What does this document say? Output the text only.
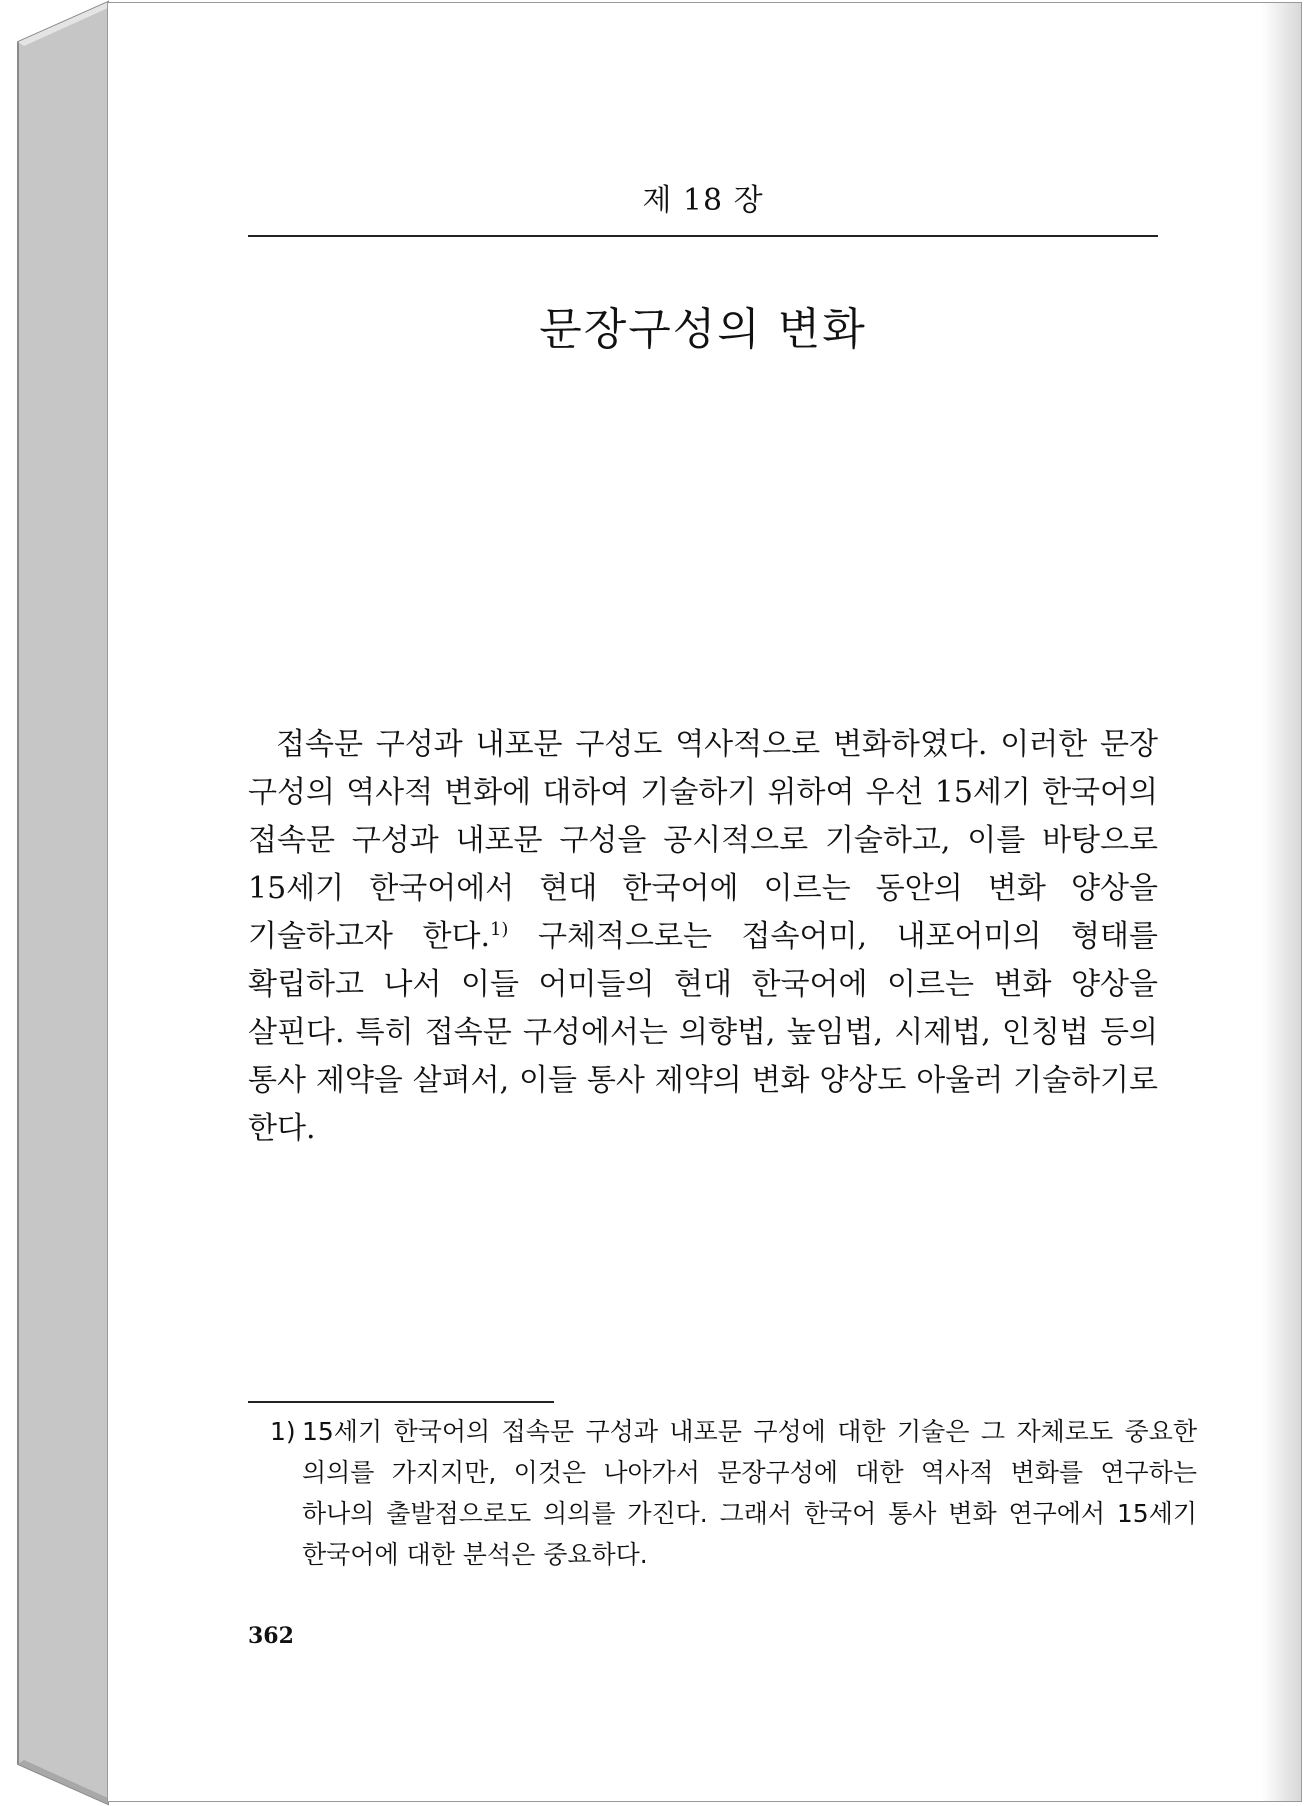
제 18 장
문장구성의 변화

접속문 구성과 내포문 구성도 역사적으로 변화하였다. 이러한 문장 구성의 역사적 변화에 대하여 기술하기 위하여 우선 15세기 한국어의 접속문 구성과 내포문 구성을 공시적으로 기술하고, 이를 바탕으로 15세기 한국어에서 현대 한국어에 이르는 동안의 변화 양상을 기술하고자 한다.$^{1)}$ 구체적으로는 접속어미, 내포어미의 형태를 확립하고 나서 이들 어미들의 현대 한국어에 이르는 변화 양상을 살핀다. 특히 접속문 구성에서는 의향법, 높임법, 시제법, 인칭법 등의 통사 제약을 살펴서, 이들 통사 제약의 변화 양상도 아울러 기술하기로 한다.

1) 15세기 한국어의 접속문 구성과 내포문 구성에 대한 기술은 그 자체로도 중요한 의의를 가지지만, 이것은 나아가서 문장구성에 대한 역사적 변화를 연구하는 하나의 출발점으로도 의의를 가진다. 그래서 한국어 통사 변화 연구에서 15세기 한국어에 대한 분석은 중요하다.

362
